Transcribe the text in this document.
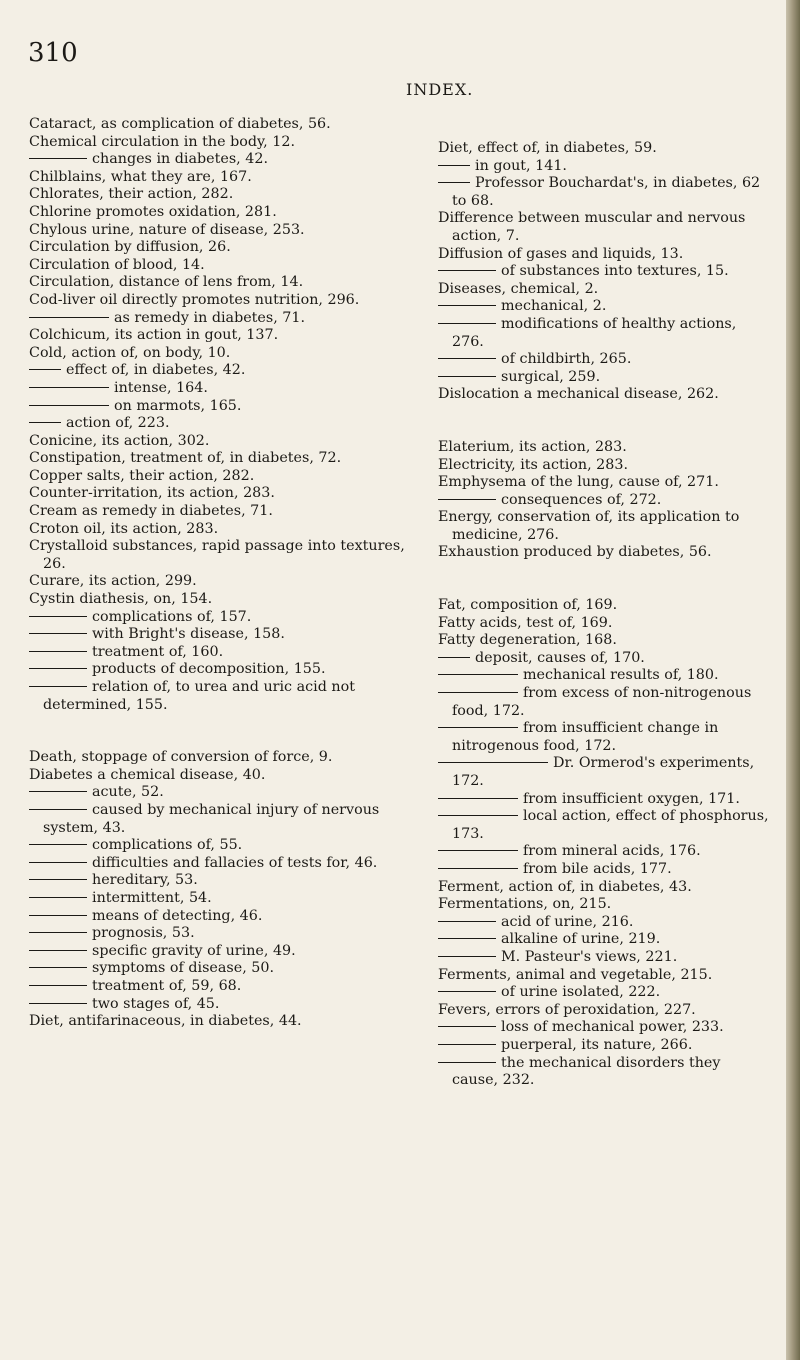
310
INDEX.
Cataract, as complication of diabetes, 56.
Chemical circulation in the body, 12.
changes in diabetes, 42.
Chilblains, what they are, 167.
Chlorates, their action, 282.
Chlorine promotes oxidation, 281.
Chylous urine, nature of disease, 253.
Circulation by diffusion, 26.
Circulation of blood, 14.
Circulation, distance of lens from, 14.
Cod-liver oil directly promotes nutrition, 296.
as remedy in diabetes, 71.
Colchicum, its action in gout, 137.
Cold, action of, on body, 10.
effect of, in diabetes, 42.
intense, 164.
on marmots, 165.
action of, 223.
Conicine, its action, 302.
Constipation, treatment of, in diabetes, 72.
Copper salts, their action, 282.
Counter-irritation, its action, 283.
Cream as remedy in diabetes, 71.
Croton oil, its action, 283.
Crystalloid substances, rapid passage into textures, 26.
Curare, its action, 299.
Cystin diathesis, on, 154.
complications of, 157.
with Bright's disease, 158.
treatment of, 160.
products of decomposition, 155.
relation of, to urea and uric acid not determined, 155.
Death, stoppage of conversion of force, 9.
Diabetes a chemical disease, 40.
acute, 52.
caused by mechanical injury of nervous system, 43.
complications of, 55.
difficulties and fallacies of tests for, 46.
hereditary, 53.
intermittent, 54.
means of detecting, 46.
prognosis, 53.
specific gravity of urine, 49.
symptoms of disease, 50.
treatment of, 59, 68.
two stages of, 45.
Diet, antifarinaceous, in diabetes, 44.
Diet, effect of, in diabetes, 59.
in gout, 141.
Professor Bouchardat's, in diabetes, 62 to 68.
Difference between muscular and nervous action, 7.
Diffusion of gases and liquids, 13.
of substances into textures, 15.
Diseases, chemical, 2.
mechanical, 2.
modifications of healthy actions, 276.
of childbirth, 265.
surgical, 259.
Dislocation a mechanical disease, 262.
Elaterium, its action, 283.
Electricity, its action, 283.
Emphysema of the lung, cause of, 271.
consequences of, 272.
Energy, conservation of, its application to medicine, 276.
Exhaustion produced by diabetes, 56.
Fat, composition of, 169.
Fatty acids, test of, 169.
Fatty degeneration, 168.
deposit, causes of, 170.
mechanical results of, 180.
from excess of non-nitrogenous food, 172.
from insufficient change in nitrogenous food, 172.
Dr. Ormerod's experiments, 172.
from insufficient oxygen, 171.
local action, effect of phosphorus, 173.
from mineral acids, 176.
from bile acids, 177.
Ferment, action of, in diabetes, 43.
Fermentations, on, 215.
acid of urine, 216.
alkaline of urine, 219.
M. Pasteur's views, 221.
Ferments, animal and vegetable, 215.
of urine isolated, 222.
Fevers, errors of peroxidation, 227.
loss of mechanical power, 233.
puerperal, its nature, 266.
the mechanical disorders they cause, 232.
